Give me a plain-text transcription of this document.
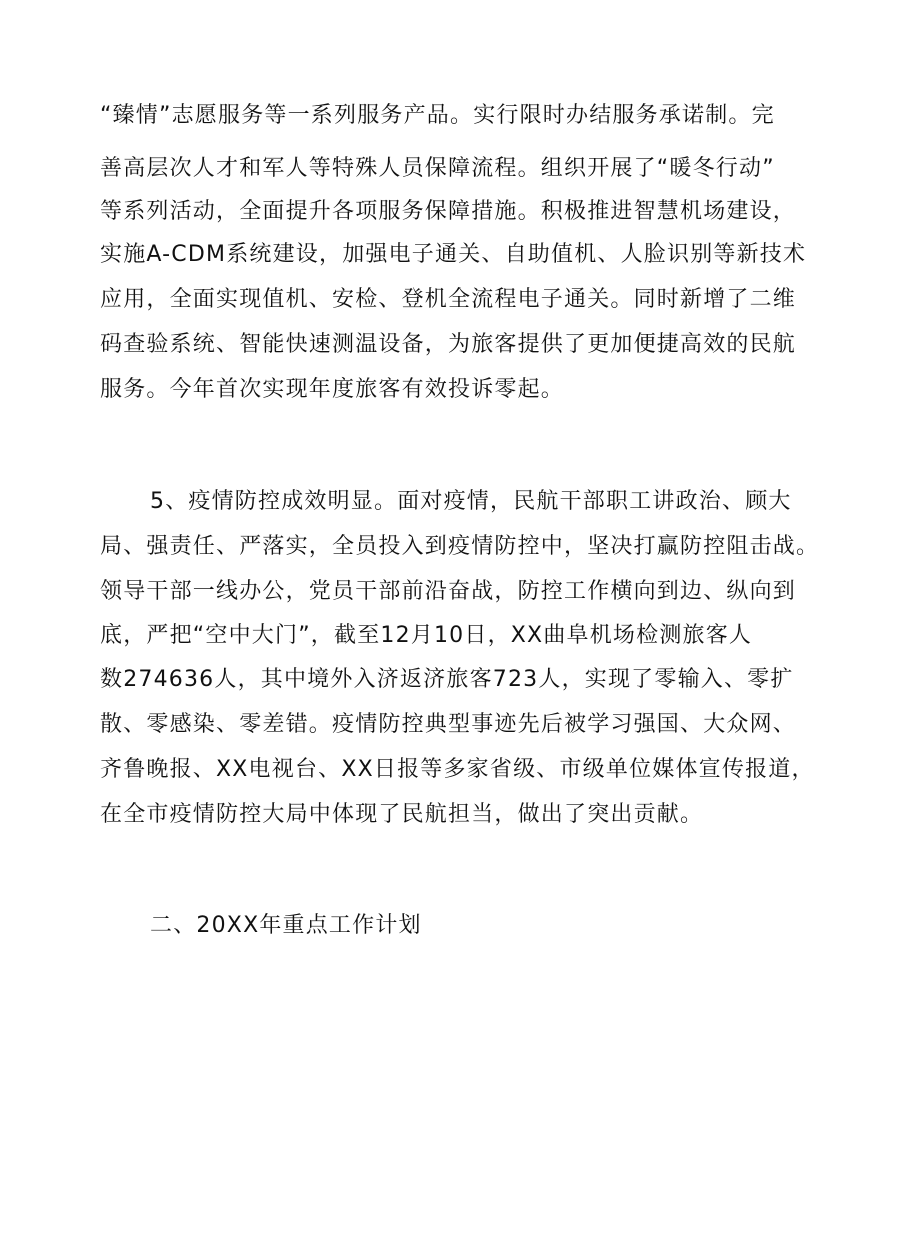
“臻情”志愿服务等一系列服务产品。实行限时办结服务承诺制。完
善高层次人才和军人等特殊人员保障流程。组织开展了“暖冬行动”
等系列活动，全面提升各项服务保障措施。积极推进智慧机场建设，
实施A-CDM系统建设，加强电子通关、自助值机、人脸识别等新技术
应用，全面实现值机、安检、登机全流程电子通关。同时新增了二维
码查验系统、智能快速测温设备，为旅客提供了更加便捷高效的民航
服务。今年首次实现年度旅客有效投诉零起。
5、疫情防控成效明显。面对疫情，民航干部职工讲政治、顾大
局、强责任、严落实，全员投入到疫情防控中，坚决打赢防控阻击战。
领导干部一线办公，党员干部前沿奋战，防控工作横向到边、纵向到
底，严把“空中大门”，截至12月10日，XX曲阜机场检测旅客人
数274636人，其中境外入济返济旅客723人，实现了零输入、零扩
散、零感染、零差错。疫情防控典型事迹先后被学习强国、大众网、
齐鲁晚报、XX电视台、XX日报等多家省级、市级单位媒体宣传报道，
在全市疫情防控大局中体现了民航担当，做出了突出贡献。
二、20XX年重点工作计划
